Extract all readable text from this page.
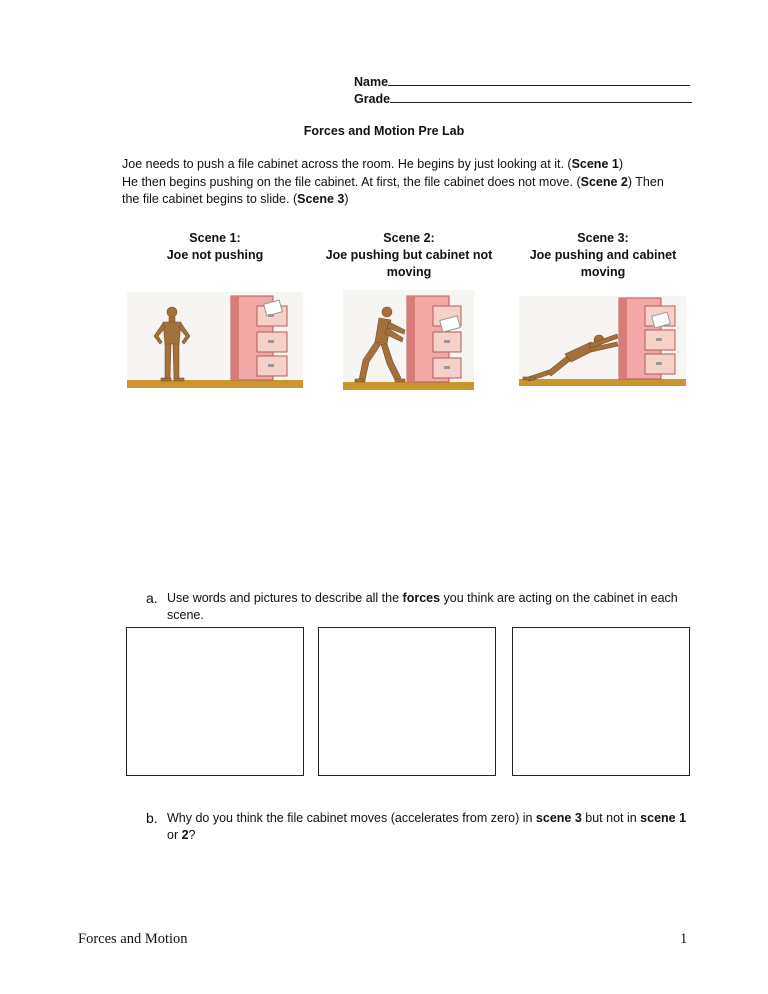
Name
Grade
Forces and Motion Pre Lab
Joe needs to push a file cabinet across the room. He begins by just looking at it. (Scene 1)
He then begins pushing on the file cabinet. At first, the file cabinet does not move. (Scene 2) Then
the file cabinet begins to slide. (Scene 3)
Scene 1:
Joe not pushing
Scene 2:
Joe pushing but cabinet not moving
Scene 3:
Joe pushing and cabinet moving
a. Use words and pictures to describe all the forces you think are acting on the cabinet in each scene.
b. Why do you think the file cabinet moves (accelerates from zero) in scene 3 but not in scene 1 or 2?
Forces and Motion	1
